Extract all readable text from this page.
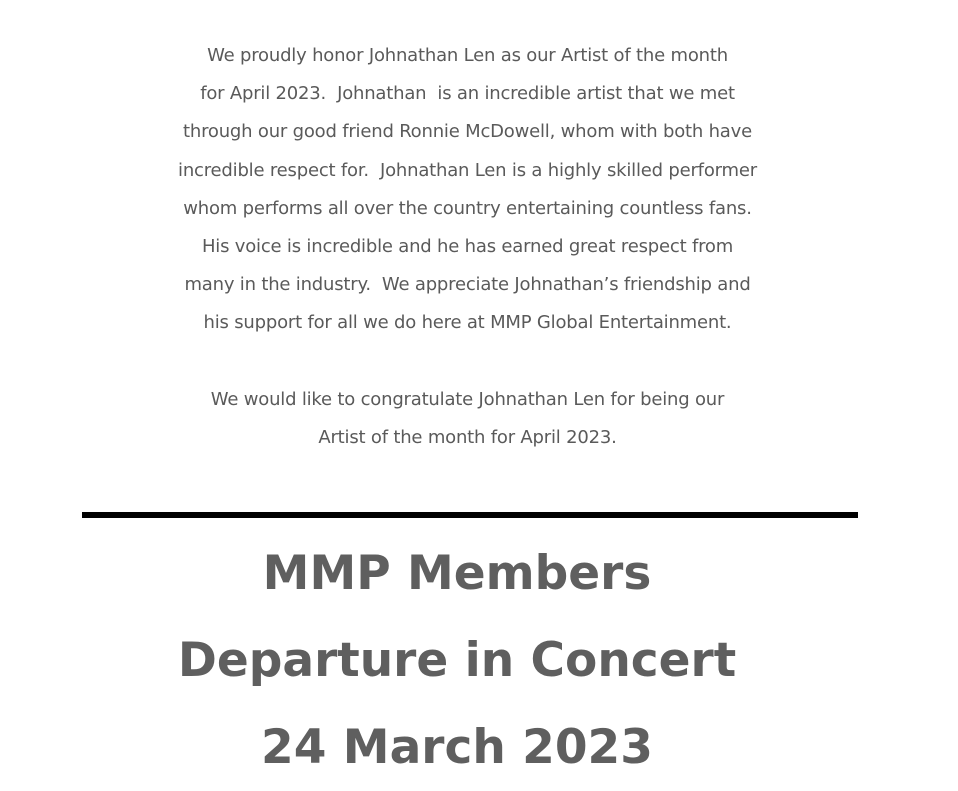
We proudly honor Johnathan Len as our Artist of the month

for April 2023.  Johnathan  is an incredible artist that we met

through our good friend Ronnie McDowell, whom with both have

incredible respect for.  Johnathan Len is a highly skilled performer

whom performs all over the country entertaining countless fans.

His voice is incredible and he has earned great respect from

many in the industry.  We appreciate Johnathan’s friendship and

his support for all we do here at MMP Global Entertainment.

We would like to congratulate Johnathan Len for being our

Artist of the month for April 2023.

MMP Members

Departure in Concert

24 March 2023
